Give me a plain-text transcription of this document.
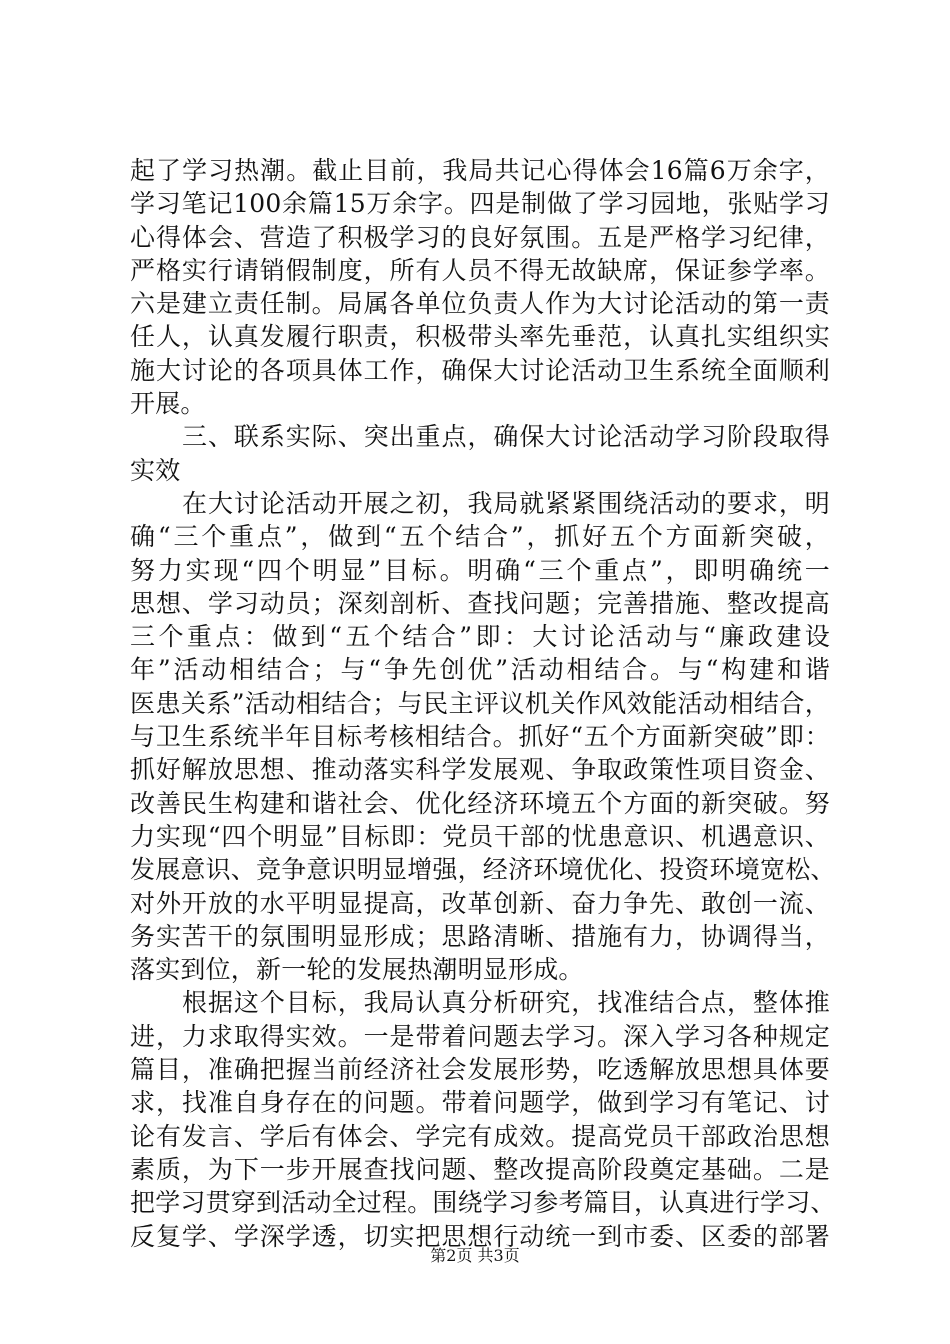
起了学习热潮。截止目前，我局共记心得体会16篇6万余字，
学习笔记100余篇15万余字。四是制做了学习园地，张贴学习
心得体会、营造了积极学习的良好氛围。五是严格学习纪律，
严格实行请销假制度，所有人员不得无故缺席，保证参学率。
六是建立责任制。局属各单位负责人作为大讨论活动的第一责
任人，认真发履行职责，积极带头率先垂范，认真扎实组织实
施大讨论的各项具体工作，确保大讨论活动卫生系统全面顺利
开展。
三、联系实际、突出重点，确保大讨论活动学习阶段取得
实效
在大讨论活动开展之初，我局就紧紧围绕活动的要求，明
确“三个重点”，做到“五个结合”，抓好五个方面新突破，
努力实现“四个明显”目标。明确“三个重点”，即明确统一
思想、学习动员；深刻剖析、查找问题；完善措施、整改提高
三个重点：做到“五个结合”即：大讨论活动与“廉政建设
年”活动相结合；与“争先创优”活动相结合。与“构建和谐
医患关系”活动相结合；与民主评议机关作风效能活动相结合，
与卫生系统半年目标考核相结合。抓好“五个方面新突破”即：
抓好解放思想、推动落实科学发展观、争取政策性项目资金、
改善民生构建和谐社会、优化经济环境五个方面的新突破。努
力实现“四个明显”目标即：党员干部的忧患意识、机遇意识、
发展意识、竞争意识明显增强，经济环境优化、投资环境宽松、
对外开放的水平明显提高，改革创新、奋力争先、敢创一流、
务实苦干的氛围明显形成；思路清晰、措施有力，协调得当，
落实到位，新一轮的发展热潮明显形成。
根据这个目标，我局认真分析研究，找准结合点，整体推
进，力求取得实效。一是带着问题去学习。深入学习各种规定
篇目，准确把握当前经济社会发展形势，吃透解放思想具体要
求，找准自身存在的问题。带着问题学，做到学习有笔记、讨
论有发言、学后有体会、学完有成效。提高党员干部政治思想
素质，为下一步开展查找问题、整改提高阶段奠定基础。二是
把学习贯穿到活动全过程。围绕学习参考篇目，认真进行学习、
反复学、学深学透，切实把思想行动统一到市委、区委的部署
第2页 共3页
